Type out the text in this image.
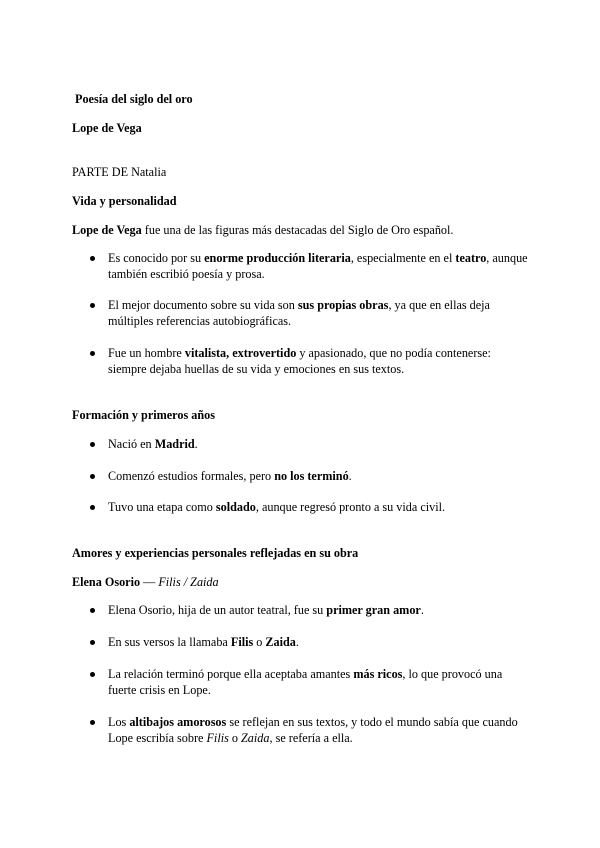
Poesía del siglo del oro
Lope de Vega
PARTE DE Natalia
Vida y personalidad
Lope de Vega fue una de las figuras más destacadas del Siglo de Oro español.
Es conocido por su enorme producción literaria, especialmente en el teatro, aunque
también escribió poesía y prosa.
El mejor documento sobre su vida son sus propias obras, ya que en ellas deja
múltiples referencias autobiográficas.
Fue un hombre vitalista, extrovertido y apasionado, que no podía contenerse:
siempre dejaba huellas de su vida y emociones en sus textos.
Formación y primeros años
Nació en Madrid.
Comenzó estudios formales, pero no los terminó.
Tuvo una etapa como soldado, aunque regresó pronto a su vida civil.
Amores y experiencias personales reflejadas en su obra
Elena Osorio — Filis / Zaida
Elena Osorio, hija de un autor teatral, fue su primer gran amor.
En sus versos la llamaba Filis o Zaida.
La relación terminó porque ella aceptaba amantes más ricos, lo que provocó una
fuerte crisis en Lope.
Los altibajos amorosos se reflejan en sus textos, y todo el mundo sabía que cuando
Lope escribía sobre Filis o Zaida, se refería a ella.
